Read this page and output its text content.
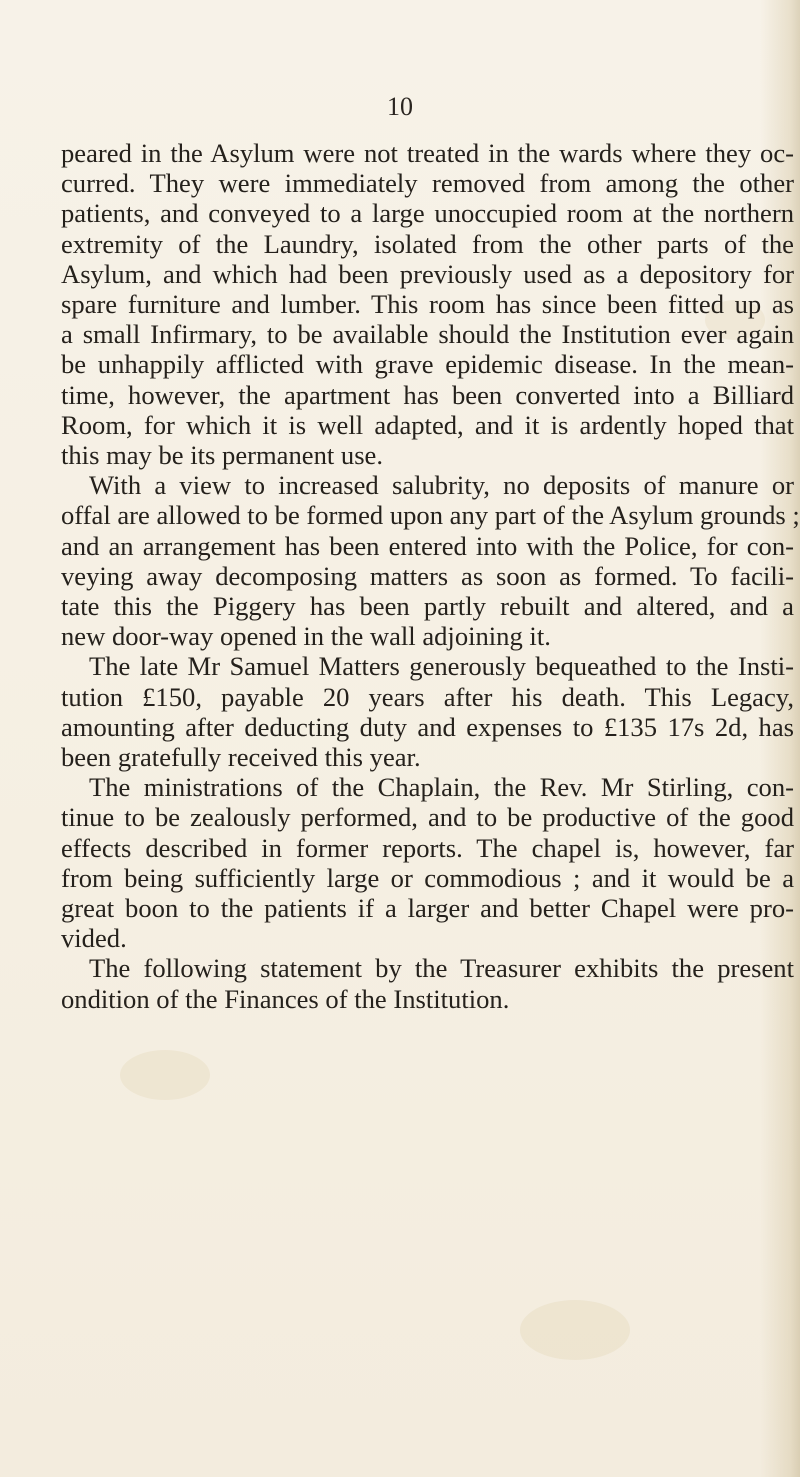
10
peared in the Asylum were not treated in the wards where they oc-
curred. They were immediately removed from among the other
patients, and conveyed to a large unoccupied room at the northern
extremity of the Laundry, isolated from the other parts of the
Asylum, and which had been previously used as a depository for
spare furniture and lumber. This room has since been fitted up as
a small Infirmary, to be available should the Institution ever again
be unhappily afflicted with grave epidemic disease. In the mean-
time, however, the apartment has been converted into a Billiard
Room, for which it is well adapted, and it is ardently hoped that
this may be its permanent use.
With a view to increased salubrity, no deposits of manure or
offal are allowed to be formed upon any part of the Asylum grounds ;
and an arrangement has been entered into with the Police, for con-
veying away decomposing matters as soon as formed. To facili-
tate this the Piggery has been partly rebuilt and altered, and a
new door-way opened in the wall adjoining it.
The late Mr Samuel Matters generously bequeathed to the Insti-
tution £150, payable 20 years after his death. This Legacy,
amounting after deducting duty and expenses to £135 17s 2d, has
been gratefully received this year.
The ministrations of the Chaplain, the Rev. Mr Stirling, con-
tinue to be zealously performed, and to be productive of the good
effects described in former reports. The chapel is, however, far
from being sufficiently large or commodious ; and it would be a
great boon to the patients if a larger and better Chapel were pro-
vided.
The following statement by the Treasurer exhibits the present
ondition of the Finances of the Institution.
